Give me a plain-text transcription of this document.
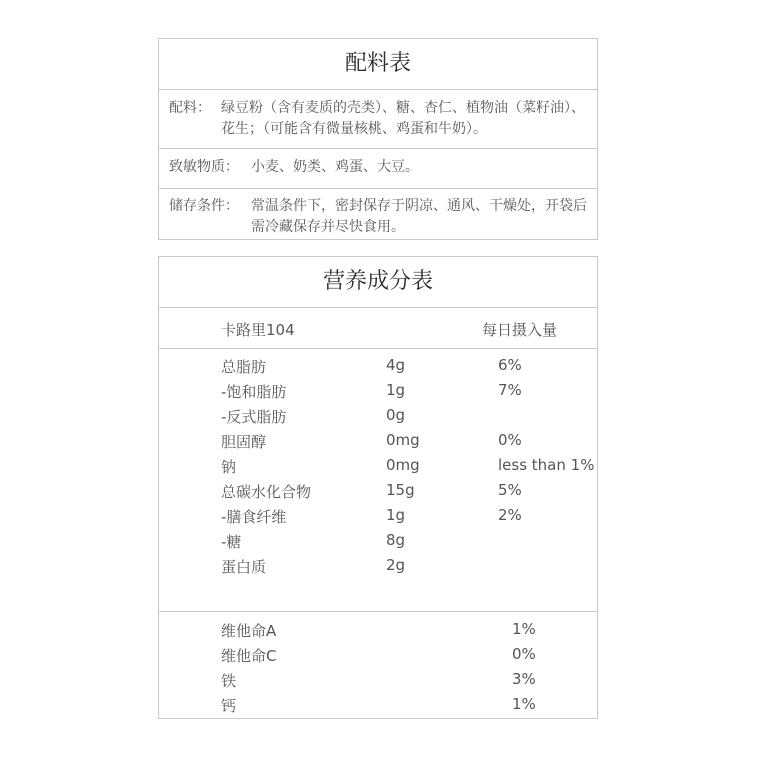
配料表
配料： 绿豆粉（含有麦质的壳类）、糖、杏仁、植物油（菜籽油）、花生；（可能含有微量核桃、鸡蛋和牛奶）。
致敏物质： 小麦、奶类、鸡蛋、大豆。
储存条件： 常温条件下，密封保存于阴凉、通风、干燥处，开袋后需冷藏保存并尽快食用。
营养成分表
卡路里104	每日摄入量
总脂肪	4g	6%
-饱和脂肪	1g	7%
-反式脂肪	0g
胆固醇	0mg	0%
钠	0mg	less than 1%
总碳水化合物	15g	5%
-膳食纤维	1g	2%
-糖	8g
蛋白质	2g
维他命A	1%
维他命C	0%
铁	3%
钙	1%
